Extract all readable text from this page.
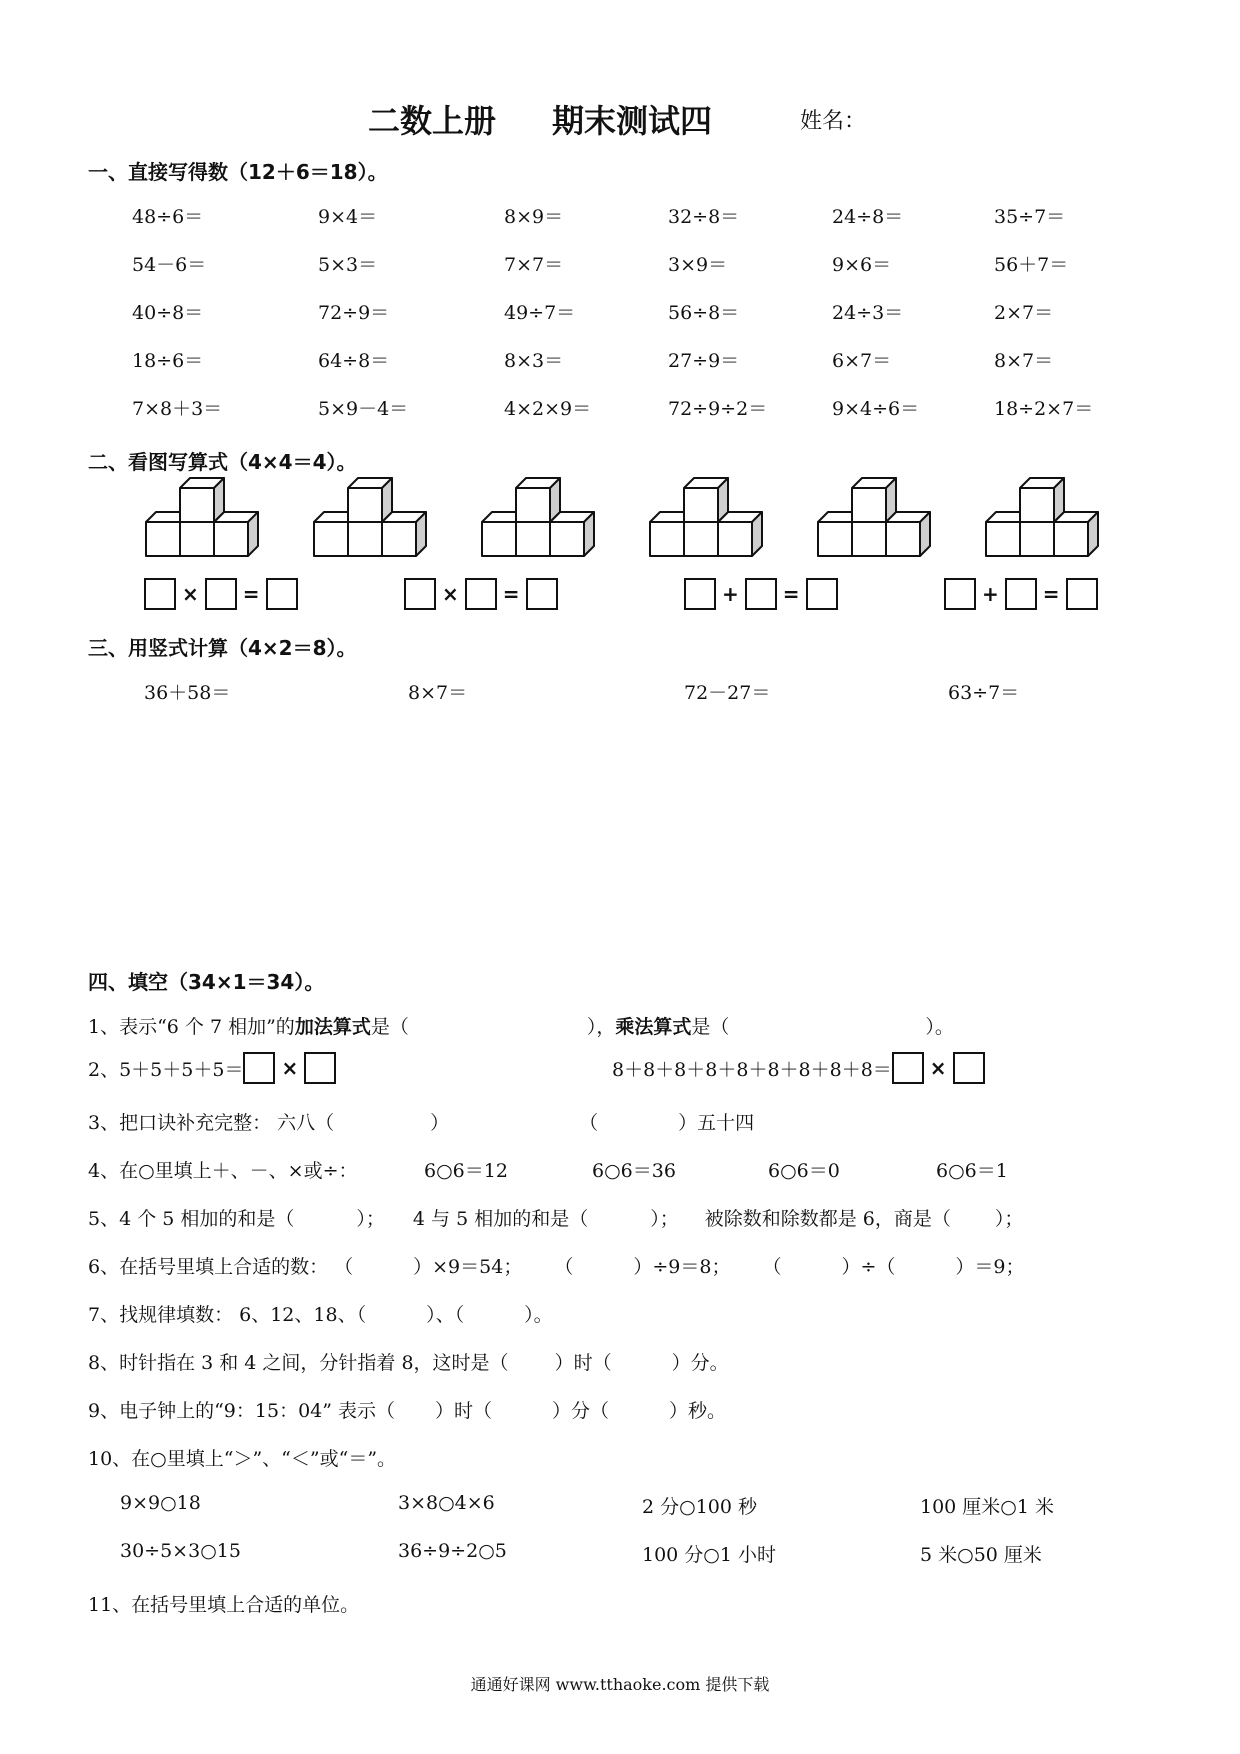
二数上册 期末测试四	姓名：
一、直接写得数（12＋6＝18）。
48÷6＝	9×4＝	8×9＝	32÷8＝	24÷8＝	35÷7＝
54－6＝	5×3＝	7×7＝	3×9＝	9×6＝	56＋7＝
40÷8＝	72÷9＝	49÷7＝	56÷8＝	24÷3＝	2×7＝
18÷6＝	64÷8＝	8×3＝	27÷9＝	6×7＝	8×7＝
7×8＋3＝	5×9－4＝	4×2×9＝	72÷9÷2＝	9×4÷6＝	18÷2×7＝
二、看图写算式（4×4＝4）。
× =	× =	+ =	+ =
三、用竖式计算（4×2＝8）。
36＋58＝	8×7＝	72－27＝	63÷7＝
四、填空（34×1＝34）。
1、表示“6 个 7 相加”的加法算式是（	），乘法算式是（	）。
2、5＋5＋5＋5＝ ×	8＋8＋8＋8＋8＋8＋8＋8＋8＝ ×
3、把口诀补充完整： 六八（	）	（	）五十四
4、在○里填上＋、－、×或÷：	6○6＝12	6○6＝36	6○6＝0	6○6＝1
5、4 个 5 相加的和是（	）； 4 与 5 相加的和是（	）； 被除数和除数都是 6，商是（ ）；
6、在括号里填上合适的数： （	）×9＝54； （	）÷9＝8； （	）÷（	）＝9；
7、找规律填数： 6、12、18、（	）、（	）。
8、时针指在 3 和 4 之间，分针指着 8，这时是（ ）时（	）分。
9、电子钟上的“9：15：04” 表示（ ）时（	）分（	）秒。
10、在○里填上“＞”、“＜”或“＝”。
9×9○18	3×8○4×6	2 分○100 秒	100 厘米○1 米
30÷5×3○15	36÷9÷2○5	100 分○1 小时	5 米○50 厘米
11、在括号里填上合适的单位。
通通好课网 www.tthaoke.com 提供下载
